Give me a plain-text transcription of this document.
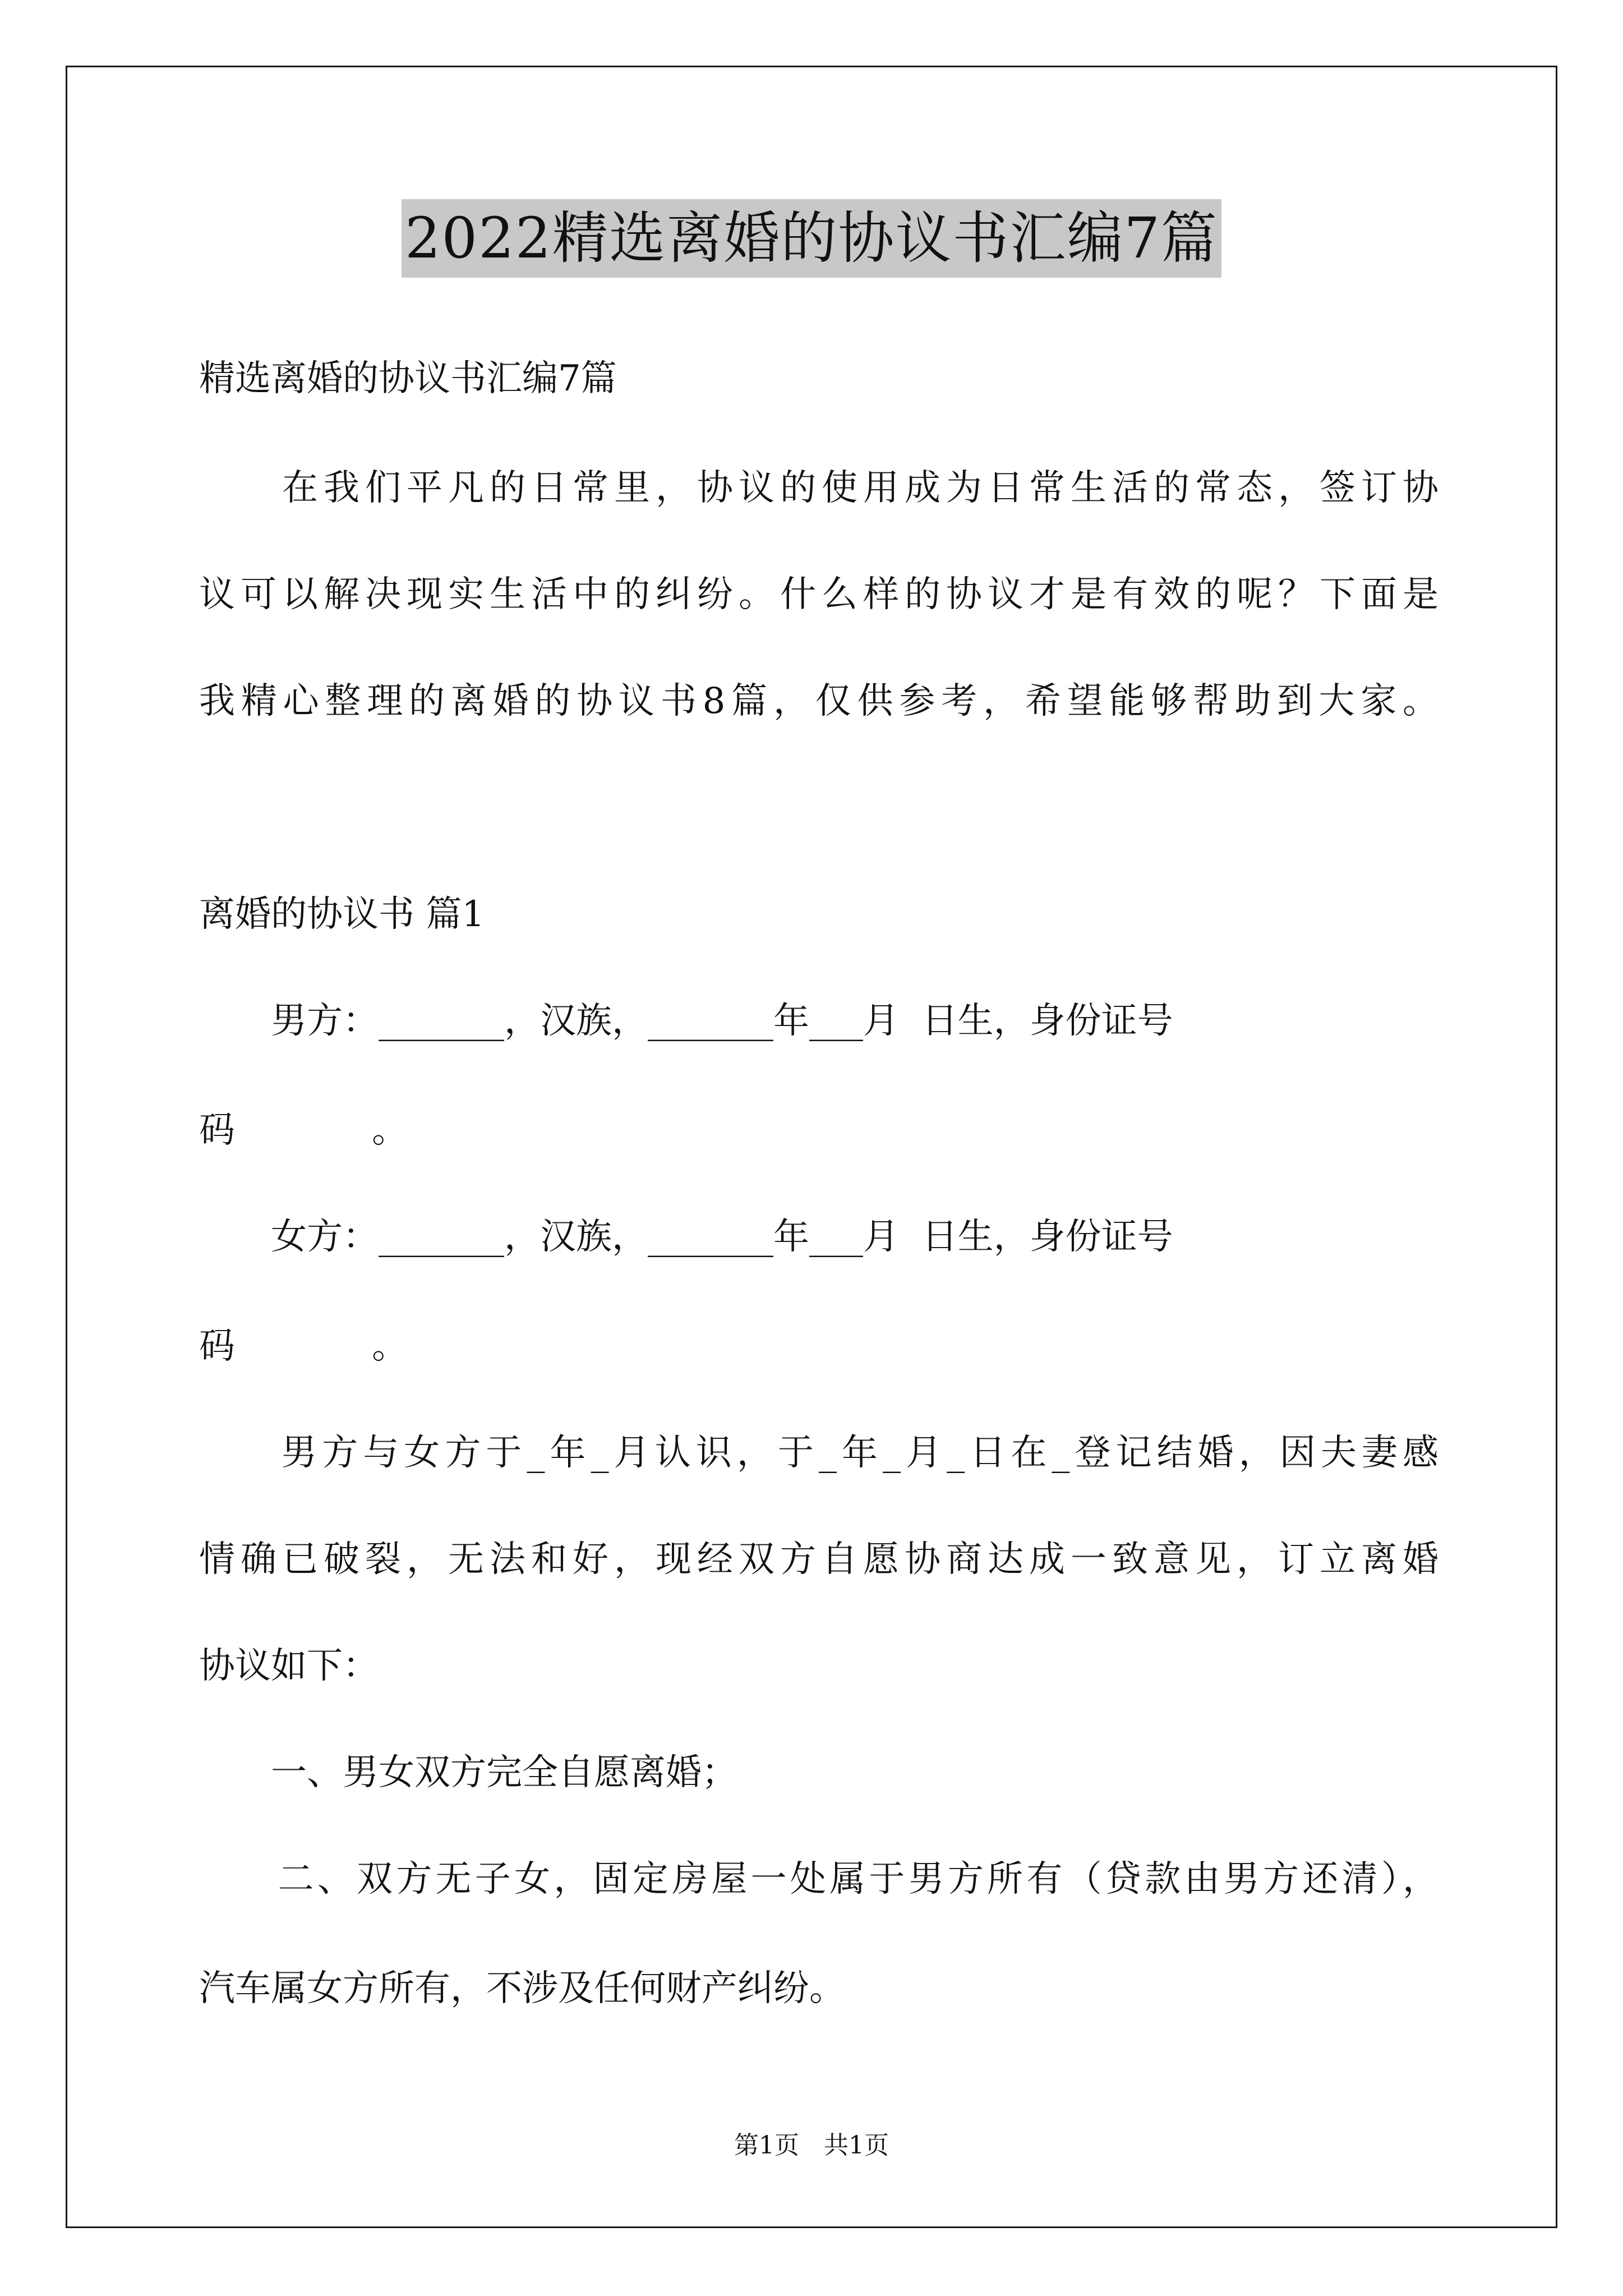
2022精选离婚的协议书汇编7篇
精选离婚的协议书汇编7篇
　　在我们平凡的日常里，协议的使用成为日常生活的常态，签订协
议可以解决现实生活中的纠纷。什么样的协议才是有效的呢？下面是
我精心整理的离婚的协议书8篇，仅供参考，希望能够帮助到大家。
离婚的协议书 篇1
　　男方：_______，汉族，_______年___月  日生，身份证号
码            。
　　女方：_______，汉族，_______年___月  日生，身份证号
码            。
　　男方与女方于_年_月认识，于_年_月_日在_登记结婚，因夫妻感
情确已破裂，无法和好，现经双方自愿协商达成一致意见，订立离婚
协议如下：
　　一、男女双方完全自愿离婚；
　　二、双方无子女，固定房屋一处属于男方所有（贷款由男方还清），
汽车属女方所有，不涉及任何财产纠纷。
第1页　共1页
